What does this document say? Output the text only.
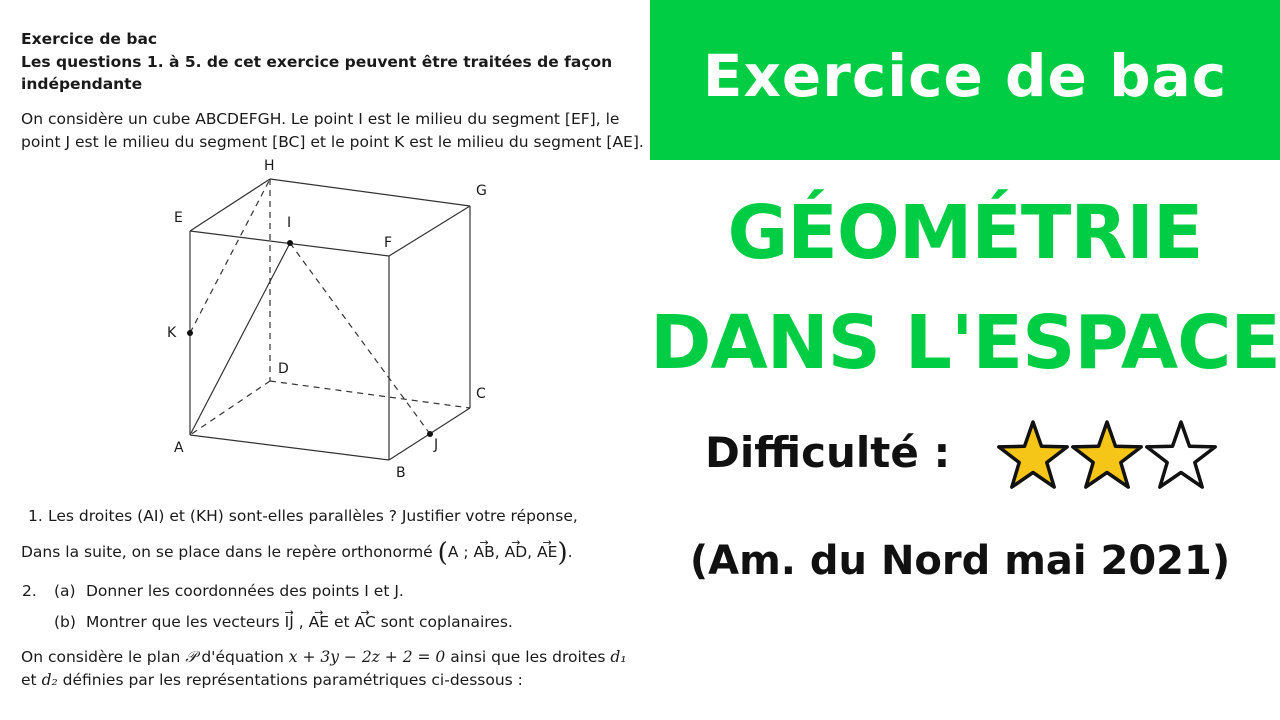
Exercice de bac
Les questions 1. à 5. de cet exercice peuvent être traitées de façon
indépendante
On considère un cube ABCDEFGH. Le point I est le milieu du segment [EF], le
point J est le milieu du segment [BC] et le point K est le milieu du segment [AE].
H
G
E	I
F
K
D
C
A	J
B
1. Les droites (AI) et (KH) sont-elles parallèles ? Justifier votre réponse,
Dans la suite, on se place dans le repère orthonormé (A ; → AB, → AD, → AE).
2. (a) Donner les coordonnées des points I et J.
(b) Montrer que les vecteurs → IJ , → AE et → AC sont coplanaires.
On considère le plan 𝒫 d'équation x + 3y − 2z + 2 = 0 ainsi que les droites d₁
et d₂ définies par les représentations paramétriques ci-dessous :
Exercice de bac
GÉOMÉTRIE
DANS L'ESPACE
Difficulté :
(Am. du Nord mai 2021)
